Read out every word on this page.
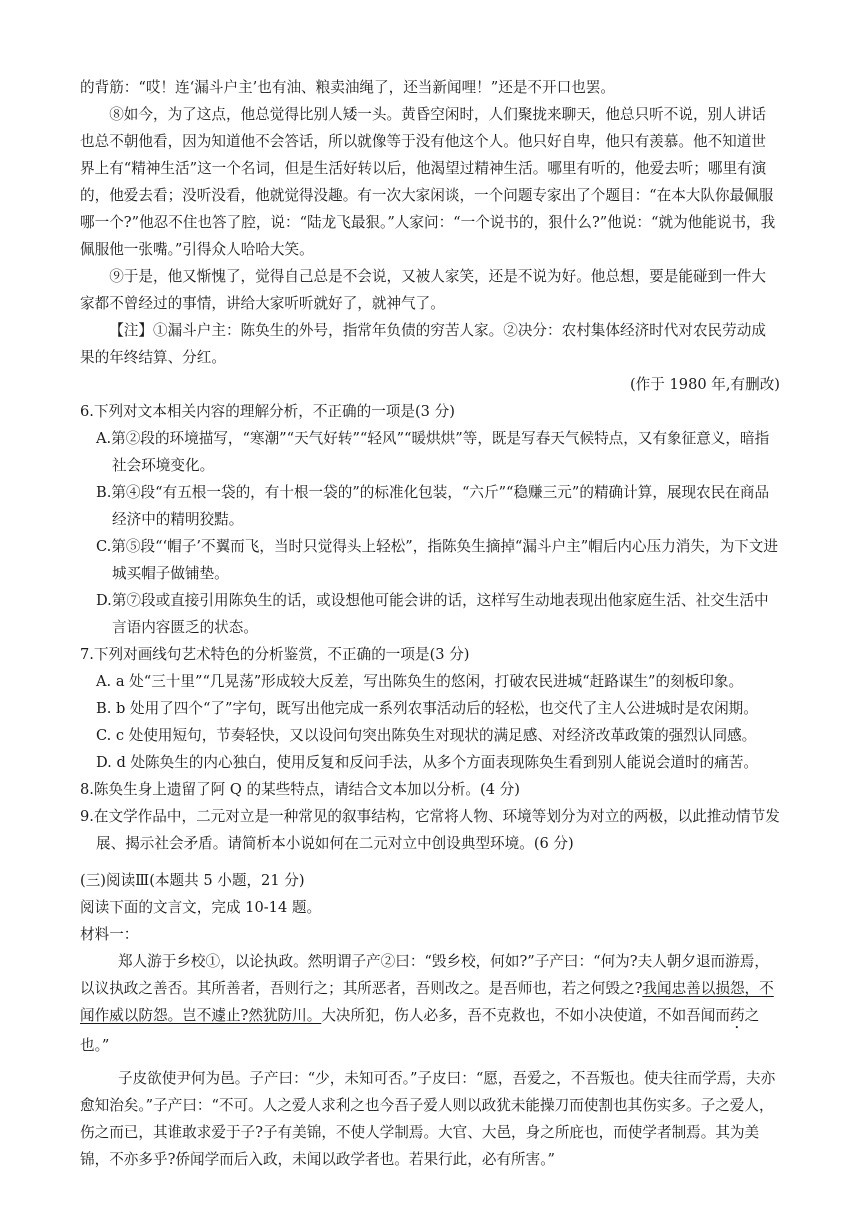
的背筋：“哎！连‘漏斗户主’也有油、粮卖油绳了，还当新闻哩！”还是不开口也罢。

⑧如今，为了这点，他总觉得比别人矮一头。黄昏空闲时，人们聚拢来聊天，他总只听不说，别人讲话也总不朝他看，因为知道他不会答话，所以就像等于没有他这个人。他只好自卑，他只有羡慕。他不知道世界上有“精神生活”这一个名词，但是生活好转以后，他渴望过精神生活。哪里有听的，他爱去听；哪里有演的，他爱去看；没听没看，他就觉得没趣。有一次大家闲谈，一个问题专家出了个题目：“在本大队你最佩服哪一个?”他忍不住也答了腔，说：“陆龙飞最狠。”人家问：“一个说书的，狠什么?”他说：“就为他能说书，我佩服他一张嘴。”引得众人哈哈大笑。

⑨于是，他又惭愧了，觉得自己总是不会说，又被人家笑，还是不说为好。他总想，要是能碰到一件大家都不曾经过的事情，讲给大家听听就好了，就神气了。

【注】①漏斗户主：陈奂生的外号，指常年负债的穷苦人家。②决分：农村集体经济时代对农民劳动成果的年终结算、分红。

(作于 1980 年,有删改)

6.下列对文本相关内容的理解分析，不正确的一项是(3 分)

A.第②段的环境描写，“寒潮”“天气好转”“轻风”“暖烘烘”等，既是写春天气候特点，又有象征意义，暗指社会环境变化。

B.第④段“有五根一袋的，有十根一袋的”的标准化包装，“六斤”“稳赚三元”的精确计算，展现农民在商品经济中的精明狡黠。

C.第⑤段“‘帽子’不翼而飞，当时只觉得头上轻松”，指陈奂生摘掉“漏斗户主”帽后内心压力消失，为下文进城买帽子做铺垫。

D.第⑦段或直接引用陈奂生的话，或设想他可能会讲的话，这样写生动地表现出他家庭生活、社交生活中言语内容匮乏的状态。

7.下列对画线句艺术特色的分析鉴赏，不正确的一项是(3 分)

A. a 处“三十里”“几晃荡”形成较大反差，写出陈奂生的悠闲，打破农民进城“赶路谋生”的刻板印象。

B. b 处用了四个“了”字句，既写出他完成一系列农事活动后的轻松，也交代了主人公进城时是农闲期。

C. c 处使用短句，节奏轻快，又以设问句突出陈奂生对现状的满足感、对经济改革政策的强烈认同感。

D. d 处陈奂生的内心独白，使用反复和反问手法，从多个方面表现陈奂生看到别人能说会道时的痛苦。

8.陈奂生身上遗留了阿 Q 的某些特点，请结合文本加以分析。(4 分)

9.在文学作品中，二元对立是一种常见的叙事结构，它常将人物、环境等划分为对立的两极，以此推动情节发展、揭示社会矛盾。请简析本小说如何在二元对立中创设典型环境。(6 分)

(三)阅读Ⅲ(本题共 5 小题，21 分)

阅读下面的文言文，完成 10-14 题。

材料一：

郑人游于乡校①，以论执政。然明谓子产②曰：“毁乡校，何如?”子产曰：“何为?夫人朝夕退而游焉，以议执政之善否。其所善者，吾则行之；其所恶者，吾则改之。是吾师也，若之何毁之?我闻忠善以损怨，不闻作威以防怨。岂不遽止?然犹防川。大决所犯，伤人必多，吾不克救也，不如小决使道，不如吾闻而药之也。”

子皮欲使尹何为邑。子产曰：“少，未知可否。”子皮曰：“愿，吾爱之，不吾叛也。使夫往而学焉，夫亦愈知治矣。”子产曰：“不可。人之爱人求利之也今吾子爱人则以政犹未能操刀而使割也其伤实多。子之爱人，伤之而已，其谁敢求爱于子?子有美锦，不使人学制焉。大官、大邑，身之所庇也，而使学者制焉。其为美锦，不亦多乎?侨闻学而后入政，未闻以政学者也。若果行此，必有所害。”
